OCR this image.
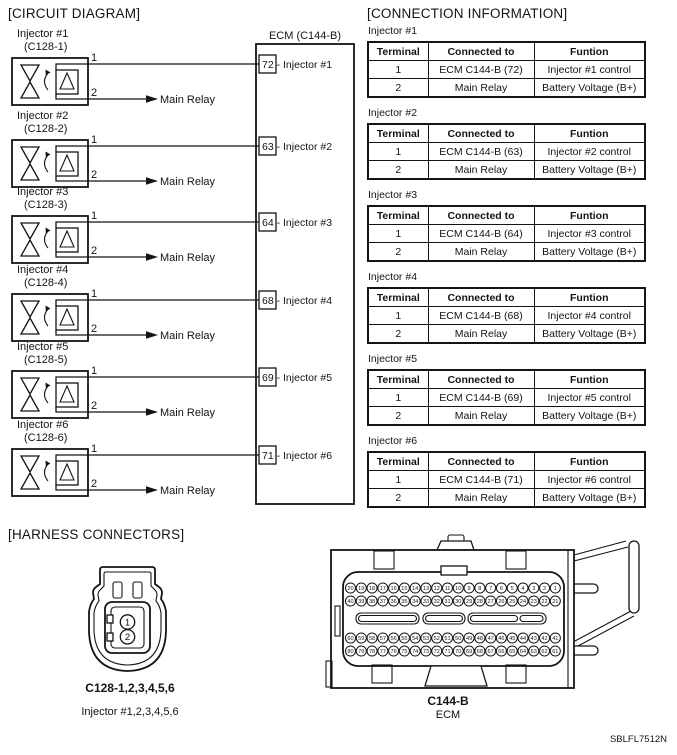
[CIRCUIT DIAGRAM]	[CONNECTION INFORMATION]
ECM (C144-B)
Injector #1
(C128-1)
1
2
Main Relay
72 - Injector #1
Injector #2
(C128-2)
1
2
Main Relay
63 - Injector #2
Injector #3
(C128-3)
1
2
Main Relay
64 - Injector #3
Injector #4
(C128-4)
1
2
Main Relay
68 - Injector #4
Injector #5
(C128-5)
1
2
Main Relay
69 - Injector #5
Injector #6
(C128-6)
1
2
Main Relay
71 - Injector #6
Injector #1
Terminal	Connected to	Funtion
1	ECM C144-B (72)	Injector #1 control
2	Main Relay	Battery Voltage (B+)
Injector #2
Terminal	Connected to	Funtion
1	ECM C144-B (63)	Injector #2 control
2	Main Relay	Battery Voltage (B+)
Injector #3
Terminal	Connected to	Funtion
1	ECM C144-B (64)	Injector #3 control
2	Main Relay	Battery Voltage (B+)
Injector #4
Terminal	Connected to	Funtion
1	ECM C144-B (68)	Injector #4 control
2	Main Relay	Battery Voltage (B+)
Injector #5
Terminal	Connected to	Funtion
1	ECM C144-B (69)	Injector #5 control
2	Main Relay	Battery Voltage (B+)
Injector #6
Terminal	Connected to	Funtion
1	ECM C144-B (71)	Injector #6 control
2	Main Relay	Battery Voltage (B+)
[HARNESS CONNECTORS]
1
2
C128-1,2,3,4,5,6
Injector #1,2,3,4,5,6
20 19 18 17 16 15 14 13 12 11 10 9 8 7 6 5 4 3 2 1
40 39 38 37 36 35 34 33 32 31 30 29 28 27 26 25 24 23 22 21
60 59 58 57 56 55 54 53 52 51 50 49 48 47 46 45 44 43 42 41
80 79 78 77 76 75 74 73 72 71 70 69 68 67 66 65 64 63 62 61
C144-B
ECM
SBLFL7512N
